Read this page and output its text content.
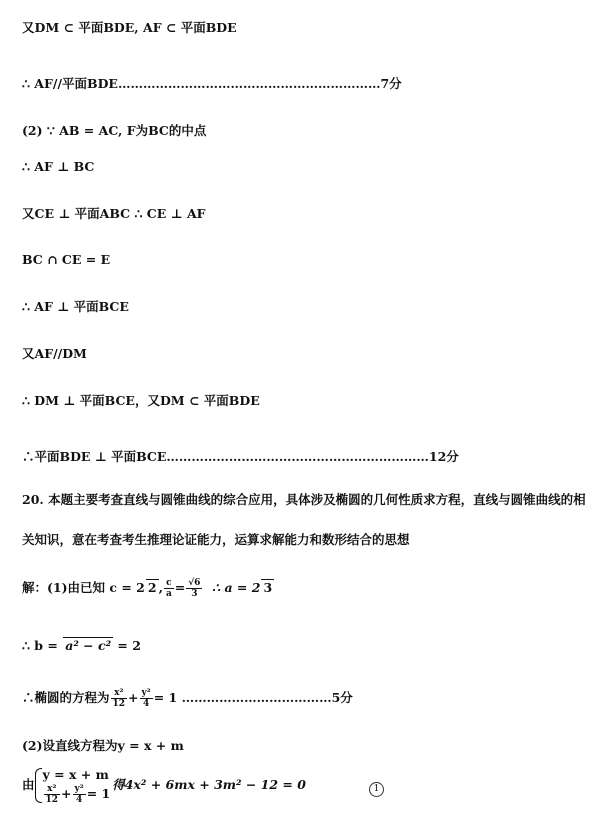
又DM ⊂ 平面BDE, AF ⊂ 平面BDE
∴ AF//平面BDE………………………………………………………7分
(2) ∵ AB = AC, F为BC的中点
∴ AF ⊥ BC
又CE ⊥ 平面ABC ∴ CE ⊥ AF
BC ∩ CE = E
∴ AF ⊥ 平面BCE
又AF//DM
∴ DM ⊥ 平面BCE，又DM ⊂ 平面BDE
∴平面BDE ⊥ 平面BCE………………………………………………………12分
20. 本题主要考查直线与圆锥曲线的综合应用，具体涉及椭圆的几何性质求方程，直线与圆锥曲线的相
关知识，意在考查考生推理论证能力，运算求解能力和数形结合的思想
解：(1)由已知 c = 2 2 , $\frac{c}{a} = \frac{√6}{3}$ ∴ a = 2 3
∴ b = a² − c² = 2
∴椭圆的方程为 $\frac{\text{x²}}{12} + \frac{\text{y²}}{4} = 1$ ………………………………5分
(2)设直线方程为y = x + m
由
y = x + m
$\frac{\text{x²}}{12} + \frac{\text{y²}}{4} = 1$
得4x² + 6mx + 3m² − 12 = 0	1
